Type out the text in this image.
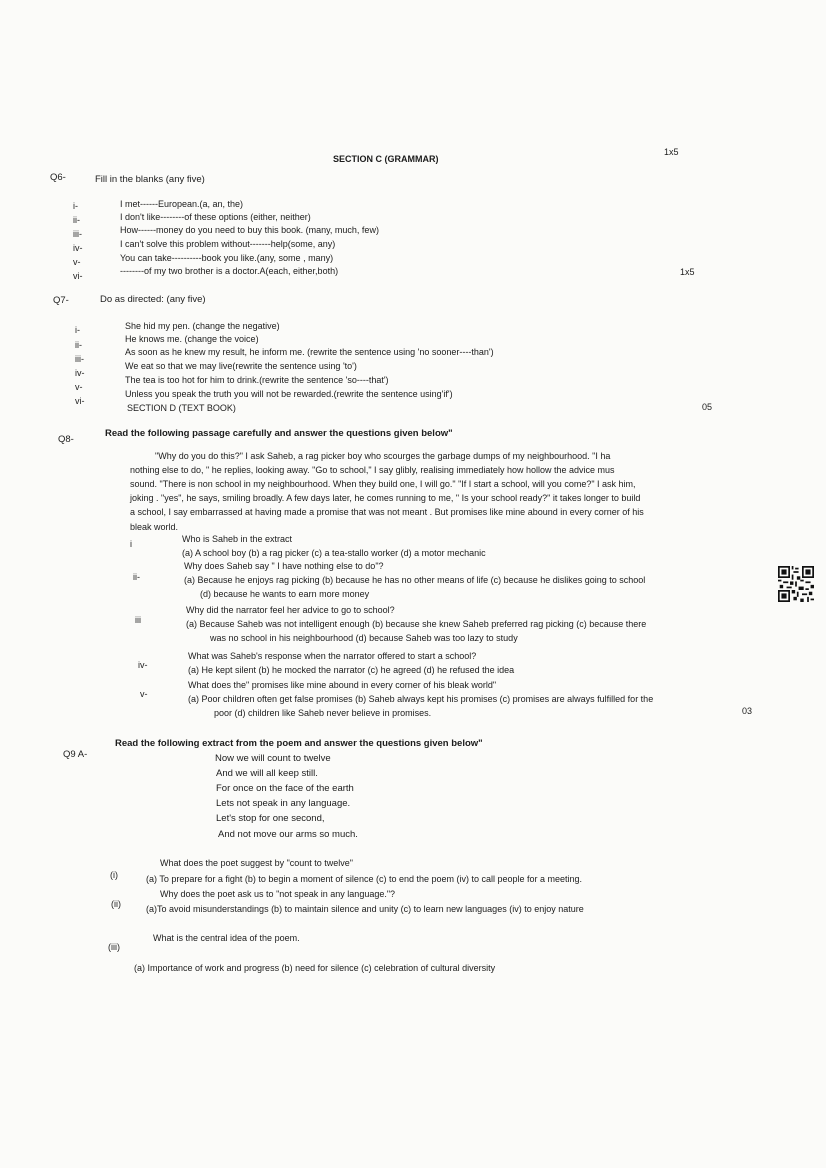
SECTION C (GRAMMAR)
1x5
Q6-	Fill in the blanks (any five)
i-	I met------European.(a, an, the)
ii-	I don't like--------of these options (either, neither)
iii-	How------money do you need to buy this book. (many, much, few)
iv-	I can't solve this problem without-------help(some, any)
v-	You can take----------book you like.(any, some , many)
vi-	--------of my two brother is a doctor.A(each, either,both)	1x5
Q7-	Do as directed: (any five)
i-	She hid my pen. (change the negative)
ii-
He knows me. (change the voice)
iii-
As soon as he knew my result, he inform me. (rewrite the sentence using 'no sooner----than')
iv-
We eat so that we may live(rewrite the sentence using 'to')
v-
The tea is too hot for him to drink.(rewrite the sentence 'so----that')
vi-
Unless you speak the truth you will not be rewarded.(rewrite the sentence using'if')
SECTION D (TEXT BOOK)	05
Q8-
Read the following passage carefully and answer the questions given below"
"Why do you do this?" I ask Saheb, a rag picker boy who scourges the garbage dumps of my neighbourhood. "I ha
nothing else to do, " he replies, looking away. "Go to school," I say glibly, realising immediately how hollow the advice mus
sound. "There is non school in my neighbourhood. When they build one, I will go." "If I start a school, will you come?" I ask him,
joking . "yes", he says, smiling broadly. A few days later, he comes running to me, " Is your school ready?" it takes longer to build
a school, I say embarrassed at having made a promise that was not meant . But promises like mine abound in every corner of his
bleak world.
i	Who is Saheb in the extract
(a) A school boy (b) a rag picker (c) a tea-stallo worker (d) a motor mechanic
ii-
Why does Saheb say " I have nothing else to do"?
(a) Because he enjoys rag picking (b) because he has no other means of life (c) because he dislikes going to school
(d) because he wants to earn more money
iii
Why did the narrator feel her advice to go to school?
(a) Because Saheb was not intelligent enough (b) because she knew Saheb preferred rag picking (c) because there
was no school in his neighbourhood (d) because Saheb was too lazy to study
iv-
What was Saheb's response when the narrator offered to start a school?
(a) He kept silent (b) he mocked the narrator (c) he agreed (d) he refused the idea
v-
What does the" promises like mine abound in every corner of his bleak world"
(a) Poor children often get false promises (b) Saheb always kept his promises (c) promises are always fulfilled for the
poor (d) children like Saheb never believe in promises.	03
Q9 A-
Read the following extract from the poem and answer the questions given below"
Now we will count to twelve
And we will all keep still.
For once on the face of the earth
Lets not speak in any language.
Let's stop for one second,
And not move our arms so much.
(i)
What does the poet suggest by "count to twelve"
(a) To prepare for a fight (b) to begin a moment of silence (c) to end the poem (iv) to call people for a meeting.
(ii)
Why does the poet ask us to "not speak in any language."?
(a)To avoid misunderstandings (b) to maintain silence and unity (c) to learn new languages (iv) to enjoy nature
(iii)
What is the central idea of the poem.
(a) Importance of work and progress (b) need for silence (c) celebration of cultural diversity
